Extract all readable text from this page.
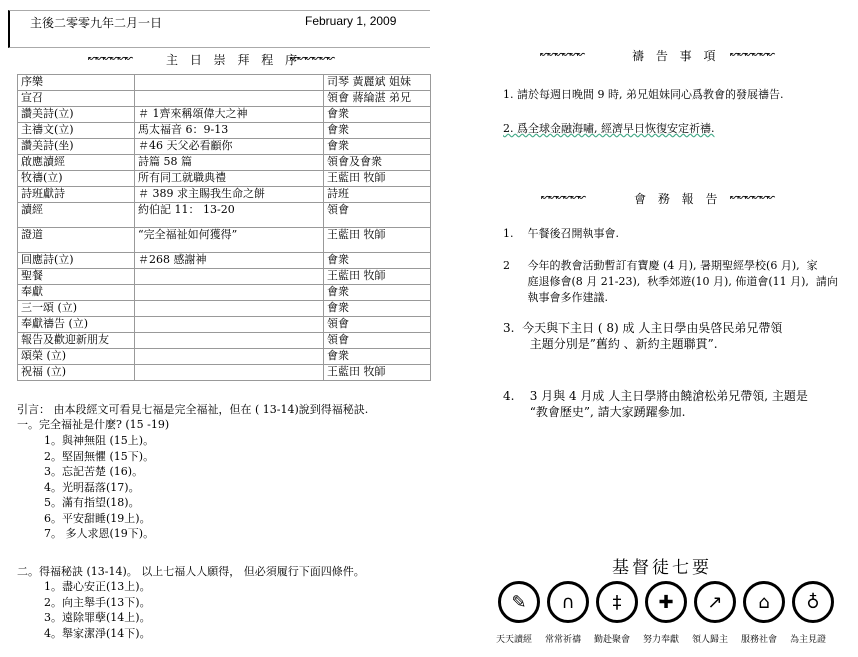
主後二零零九年二月一日	February 1, 2009
↜↜↜↜↜↜	主 日 崇 拜 程 序
↜↜↜↜↜↜
序樂		司琴 黃麗斌 姐妹
宣召		領會 蔣綸湛 弟兄
讚美詩(立)	＃ 1齊來稱頌偉大之神	會衆
主禱文(立)	馬太福音 6：9-13	會衆
讚美詩(坐)	＃46 天父必看顧你	會衆
啟應讀經	詩篇 58 篇	領會及會衆
牧禱(立)	所有同工就職典禮	王藍田 牧師
詩班獻詩	＃ 389 求主賜我生命之餅	詩班
讀經	約伯記 11： 13-20	領會
證道	“完全福祉如何獲得”	王藍田 牧師
回應詩(立)	＃268 感謝神	會衆
聖餐		王藍田 牧師
奉獻		會衆
三一頌 (立)		會衆
奉獻禱告 (立)		領會
報告及歡迎新朋友		領會
頌榮 (立)		會衆
祝福 (立)		王藍田 牧師
引言： 由本段經文可看見七福是完全福祉，但在 ( 13-14)說到得福秘訣.
一。完全福祉是什麼? (15 -19)
1。與神無阻 (15上)。
2。堅固無懼 (15下)。
3。忘記苦楚 (16)。
4。光明磊落(17)。
5。滿有指望(18)。
6。平安甜睡(19上)。
7。 多人求恩(19下)。
二。得福秘訣 (13-14)。 以上七福人人願得， 但必須履行下面四條件。
1。盡心安正(13上)。
2。向主舉手(13下)。
3。遠除罪孽(14上)。
4。舉家潔淨(14下)。
↜↜↜↜↜↜	禱 告 事 項 ↜↜↜↜↜↜
1. 請於每週日晚間 9 時, 弟兄姐妹同心爲教會的發展禱告.
2. 爲全球金融海嘯, 經濟早日恢復安定祈禱.
↜↜↜↜↜↜	會 務 報 告 ↜↜↜↜↜↜
1.    午餐後召開執事會.
2     今年的教會活動暫訂有寶慶 (4 月), 暑期聖經學校(6 月),  家
庭退修會(8 月 21-23),  秋季郊遊(10 月), 佈道會(11 月),  請向
執事會多作建議.
3.  今天與下主日 ( 8) 成 人主日學由吳啓民弟兄帶領
主題分別是”舊約 、新約主題聯貫”.
4.    3 月與 4 月成 人主日學將由饒滄松弟兄帶領, 主題是
“教會歷史”, 請大家踴躍參加.
基督徒七要
✎
天天讀經
∩
常常祈禱
‡
勤赴聚會
✚
努力奉獻
↗
領人歸主
⌂
服務社會
♁
為主見證
